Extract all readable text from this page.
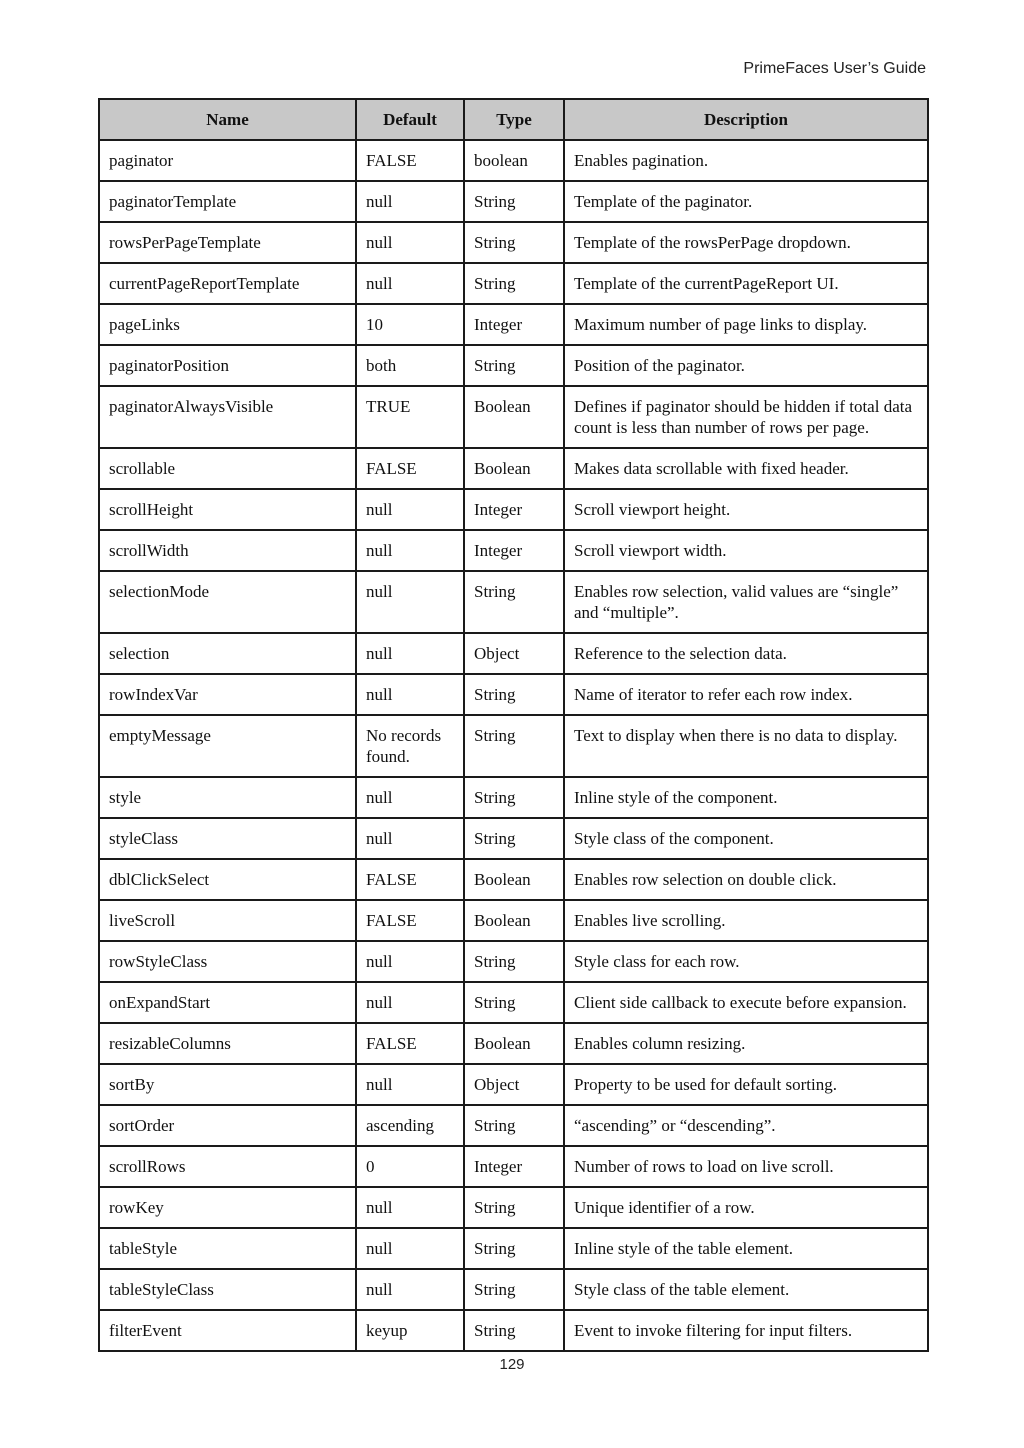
PrimeFaces User’s Guide
Name	Default	Type	Description
paginator	FALSE	boolean	Enables pagination.
paginatorTemplate	null	String	Template of the paginator.
rowsPerPageTemplate	null	String	Template of the rowsPerPage dropdown.
currentPageReportTemplate	null	String	Template of the currentPageReport UI.
pageLinks	10	Integer	Maximum number of page links to display.
paginatorPosition	both	String	Position of the paginator.
paginatorAlwaysVisible	TRUE	Boolean	Defines if paginator should be hidden if total data count is less than number of rows per page.
scrollable	FALSE	Boolean	Makes data scrollable with fixed header.
scrollHeight	null	Integer	Scroll viewport height.
scrollWidth	null	Integer	Scroll viewport width.
selectionMode	null	String	Enables row selection, valid values are “single” and “multiple”.
selection	null	Object	Reference to the selection data.
rowIndexVar	null	String	Name of iterator to refer each row index.
emptyMessage	No records found.	String	Text to display when there is no data to display.
style	null	String	Inline style of the component.
styleClass	null	String	Style class of the component.
dblClickSelect	FALSE	Boolean	Enables row selection on double click.
liveScroll	FALSE	Boolean	Enables live scrolling.
rowStyleClass	null	String	Style class for each row.
onExpandStart	null	String	Client side callback to execute before expansion.
resizableColumns	FALSE	Boolean	Enables column resizing.
sortBy	null	Object	Property to be used for default sorting.
sortOrder	ascending	String	“ascending” or “descending”.
scrollRows	0	Integer	Number of rows to load on live scroll.
rowKey	null	String	Unique identifier of a row.
tableStyle	null	String	Inline style of the table element.
tableStyleClass	null	String	Style class of the table element.
filterEvent	keyup	String	Event to invoke filtering for input filters.
129
